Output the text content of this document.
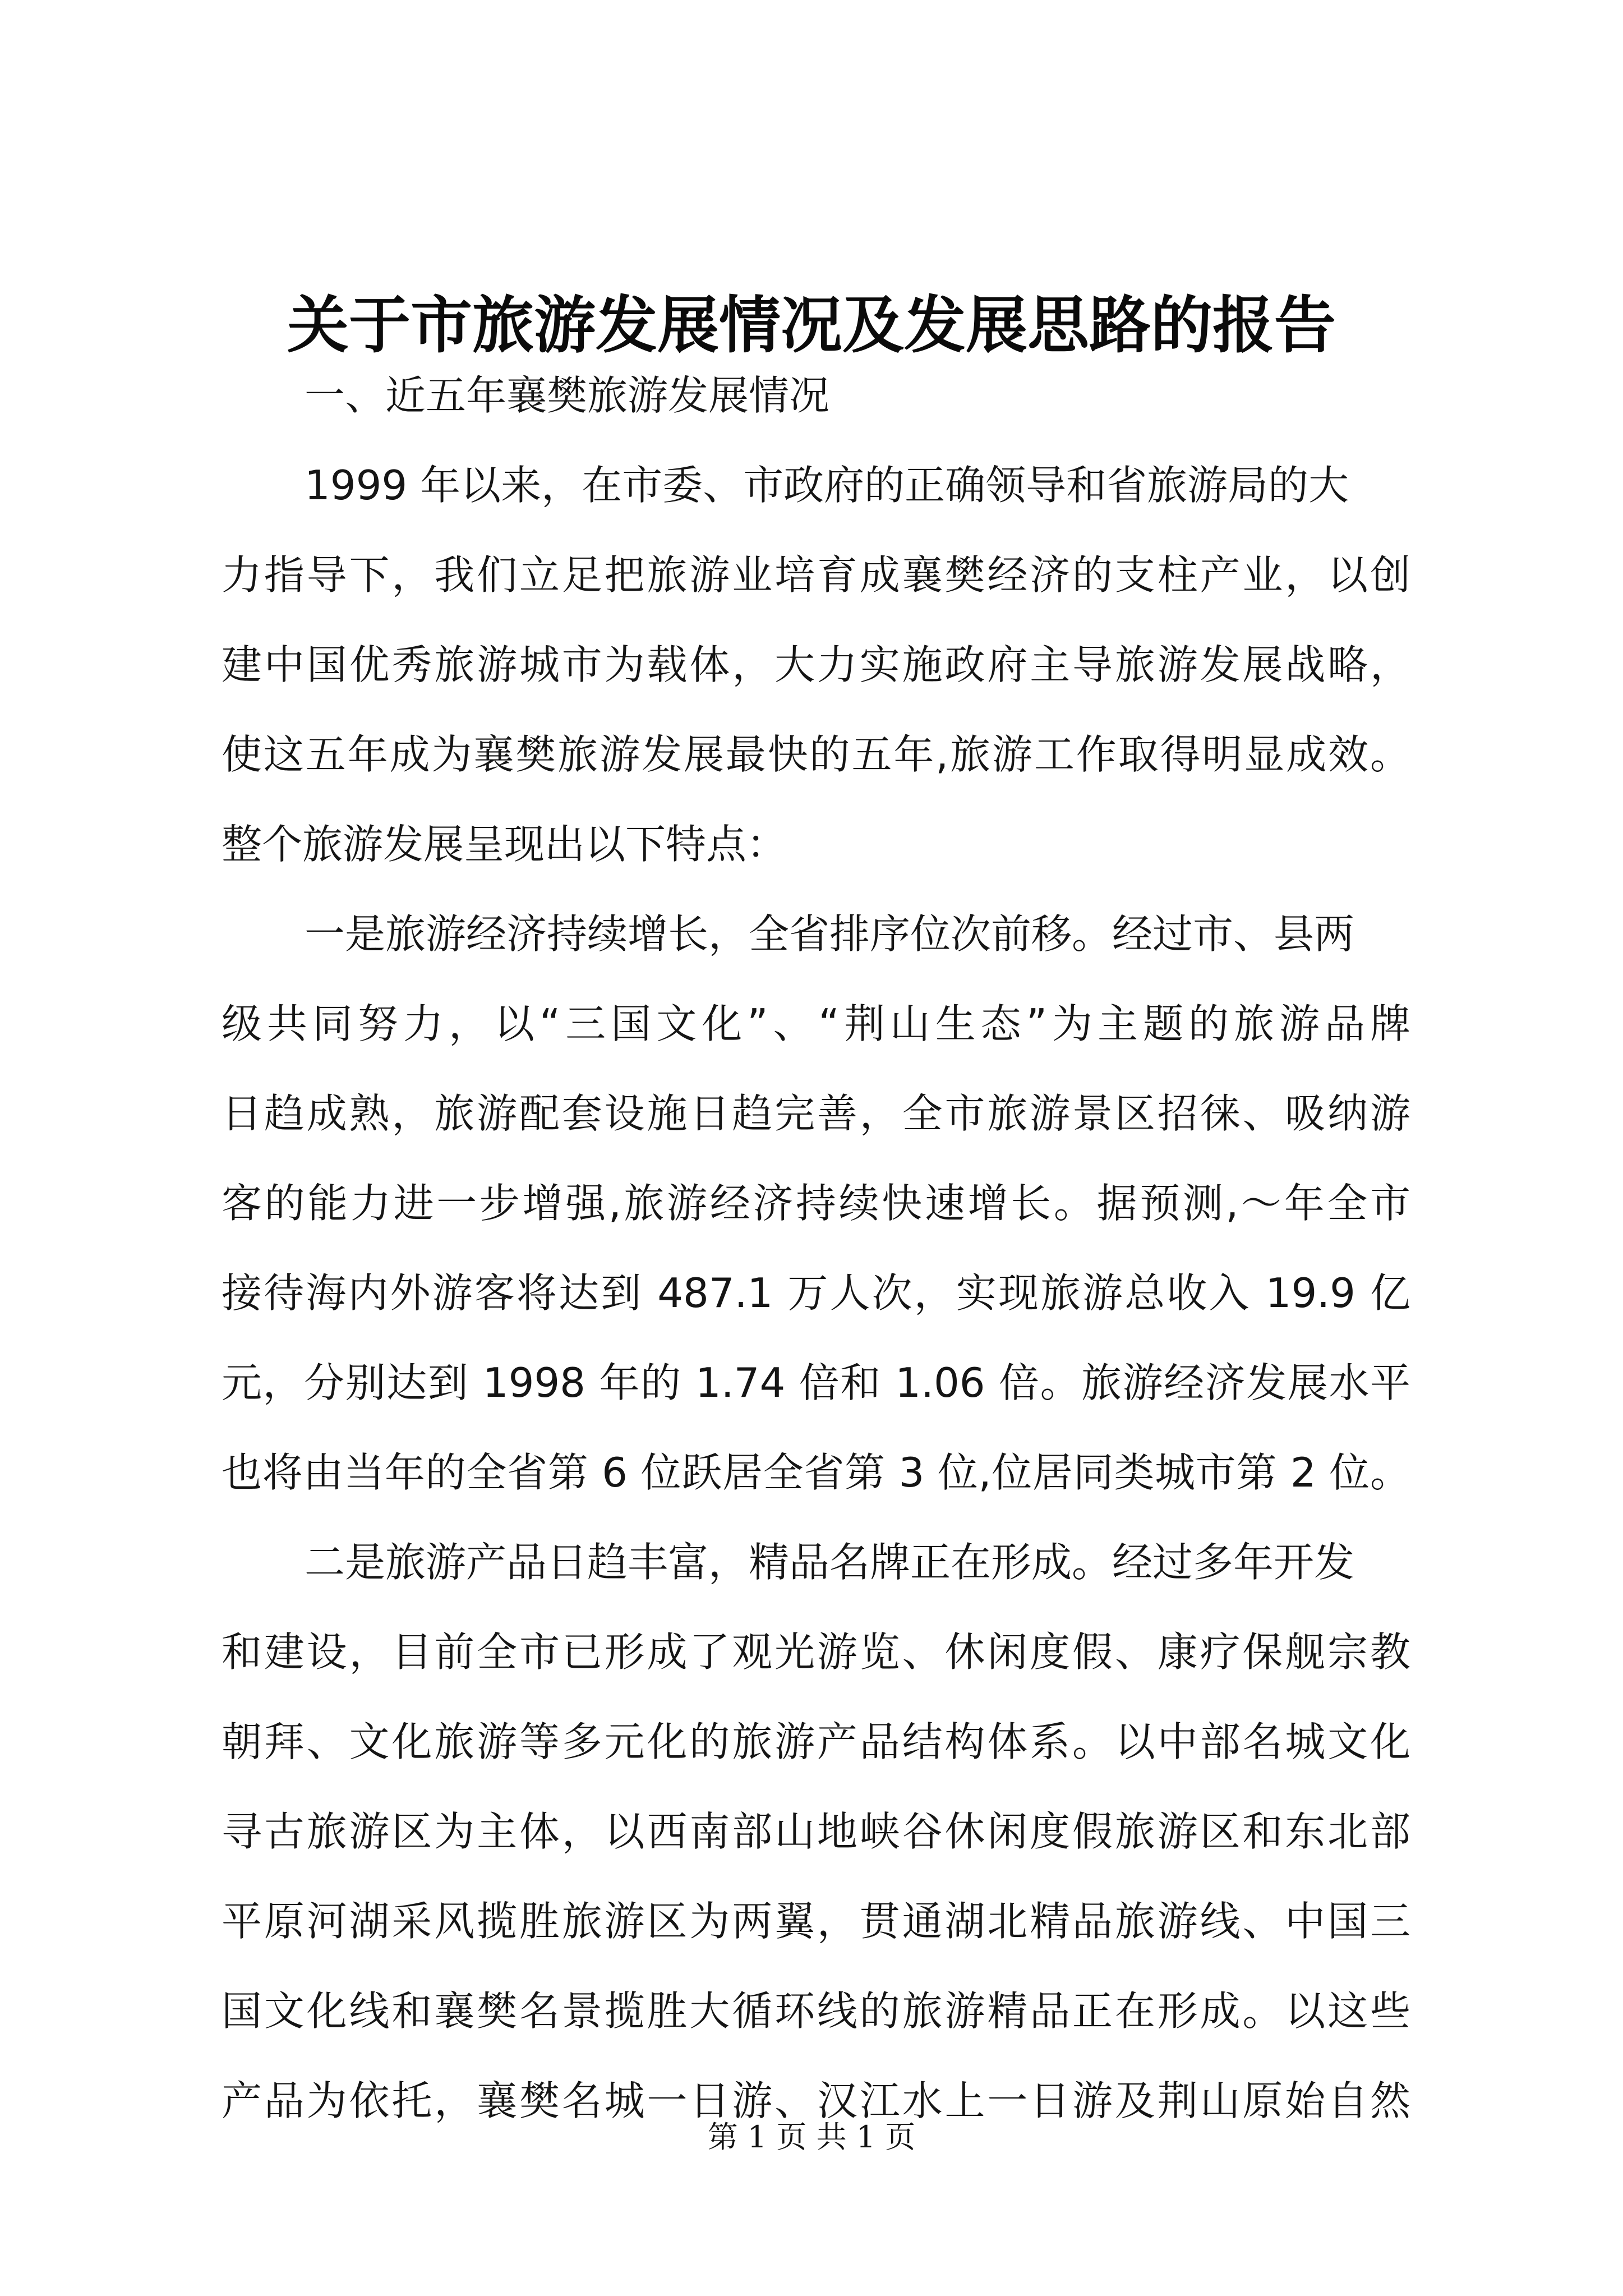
关于市旅游发展情况及发展思路的报告
一、近五年襄樊旅游发展情况
1999 年以来，在市委、市政府的正确领导和省旅游局的大
力指导下，我们立足把旅游业培育成襄樊经济的支柱产业，以创
建中国优秀旅游城市为载体，大力实施政府主导旅游发展战略，
使这五年成为襄樊旅游发展最快的五年,旅游工作取得明显成效。
整个旅游发展呈现出以下特点：
一是旅游经济持续增长，全省排序位次前移。经过市、县两
级共同努力，以“三国文化”、“荆山生态”为主题的旅游品牌
日趋成熟，旅游配套设施日趋完善，全市旅游景区招徕、吸纳游
客的能力进一步增强,旅游经济持续快速增长。据预测,～年全市
接待海内外游客将达到 487.1 万人次，实现旅游总收入 19.9 亿
元，分别达到 1998 年的 1.74 倍和 1.06 倍。旅游经济发展水平
也将由当年的全省第 6 位跃居全省第 3 位,位居同类城市第 2 位。
二是旅游产品日趋丰富，精品名牌正在形成。经过多年开发
和建设，目前全市已形成了观光游览、休闲度假、康疗保舰宗教
朝拜、文化旅游等多元化的旅游产品结构体系。以中部名城文化
寻古旅游区为主体，以西南部山地峡谷休闲度假旅游区和东北部
平原河湖采风揽胜旅游区为两翼，贯通湖北精品旅游线、中国三
国文化线和襄樊名景揽胜大循环线的旅游精品正在形成。以这些
产品为依托，襄樊名城一日游、汉江水上一日游及荆山原始自然
第 1 页 共 1 页
